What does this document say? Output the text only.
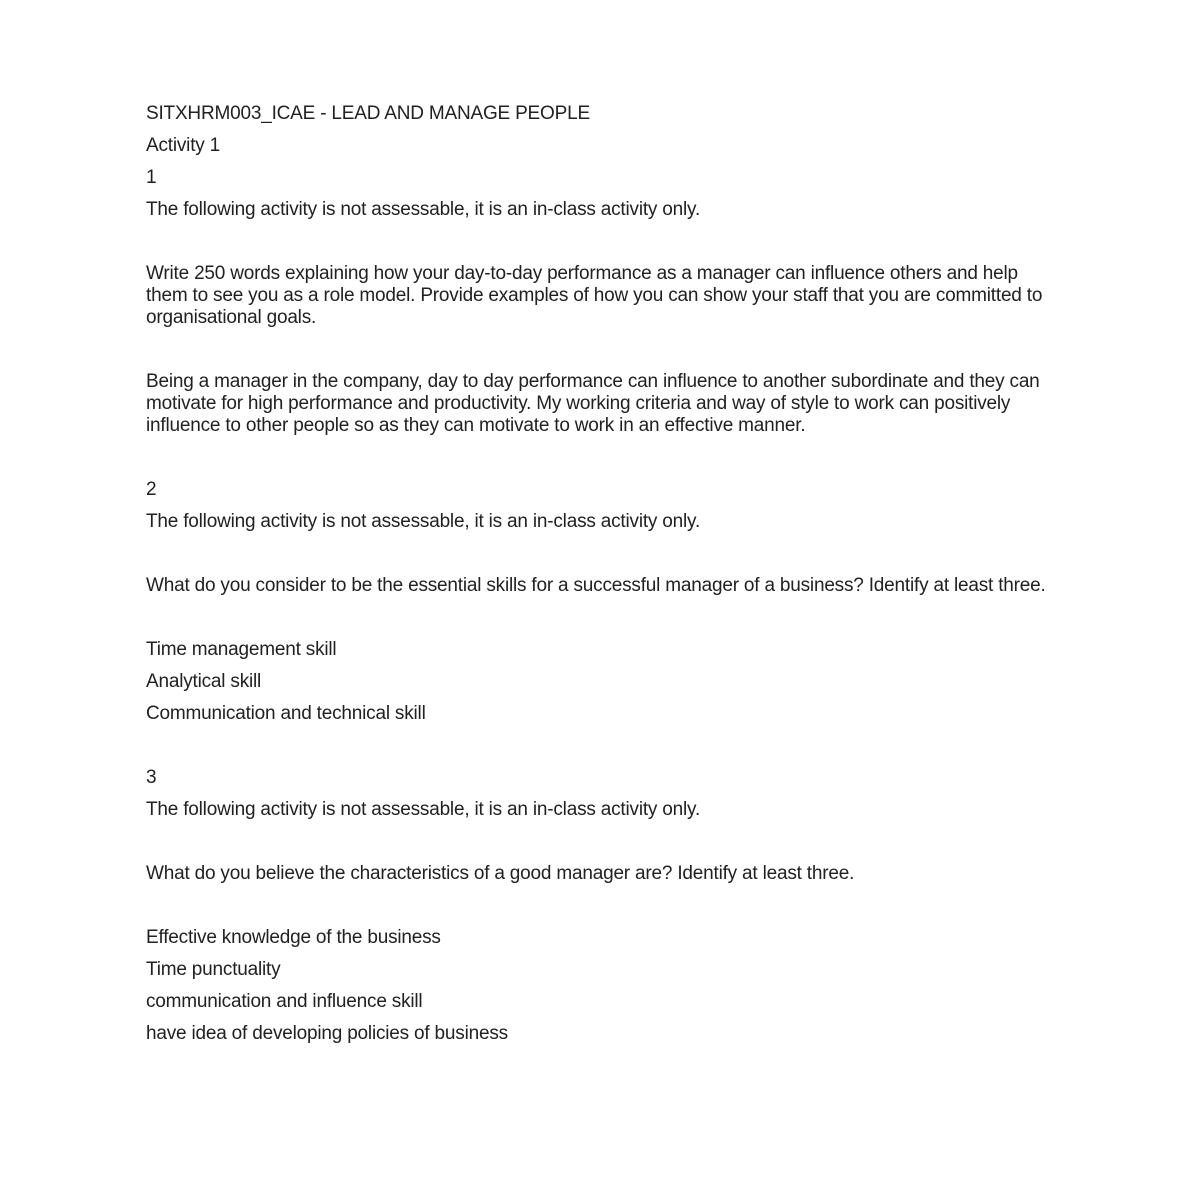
SITXHRM003_ICAE - LEAD AND MANAGE PEOPLE

Activity 1

1

The following activity is not assessable, it is an in-class activity only.

Write 250 words explaining how your day-to-day performance as a manager can influence others and help them to see you as a role model. Provide examples of how you can show your staff that you are committed to organisational goals.

Being a manager in the company, day to day performance can influence to another subordinate and they can motivate for high performance and productivity. My working criteria and way of style to work can positively influence to other people so as they can motivate to work in an effective manner.

2

The following activity is not assessable, it is an in-class activity only.

What do you consider to be the essential skills for a successful manager of a business? Identify at least three.

Time management skill

Analytical skill

Communication and technical skill

3

The following activity is not assessable, it is an in-class activity only.

What do you believe the characteristics of a good manager are? Identify at least three.

Effective knowledge of the business

Time punctuality

communication and influence skill

have idea of developing policies of business
